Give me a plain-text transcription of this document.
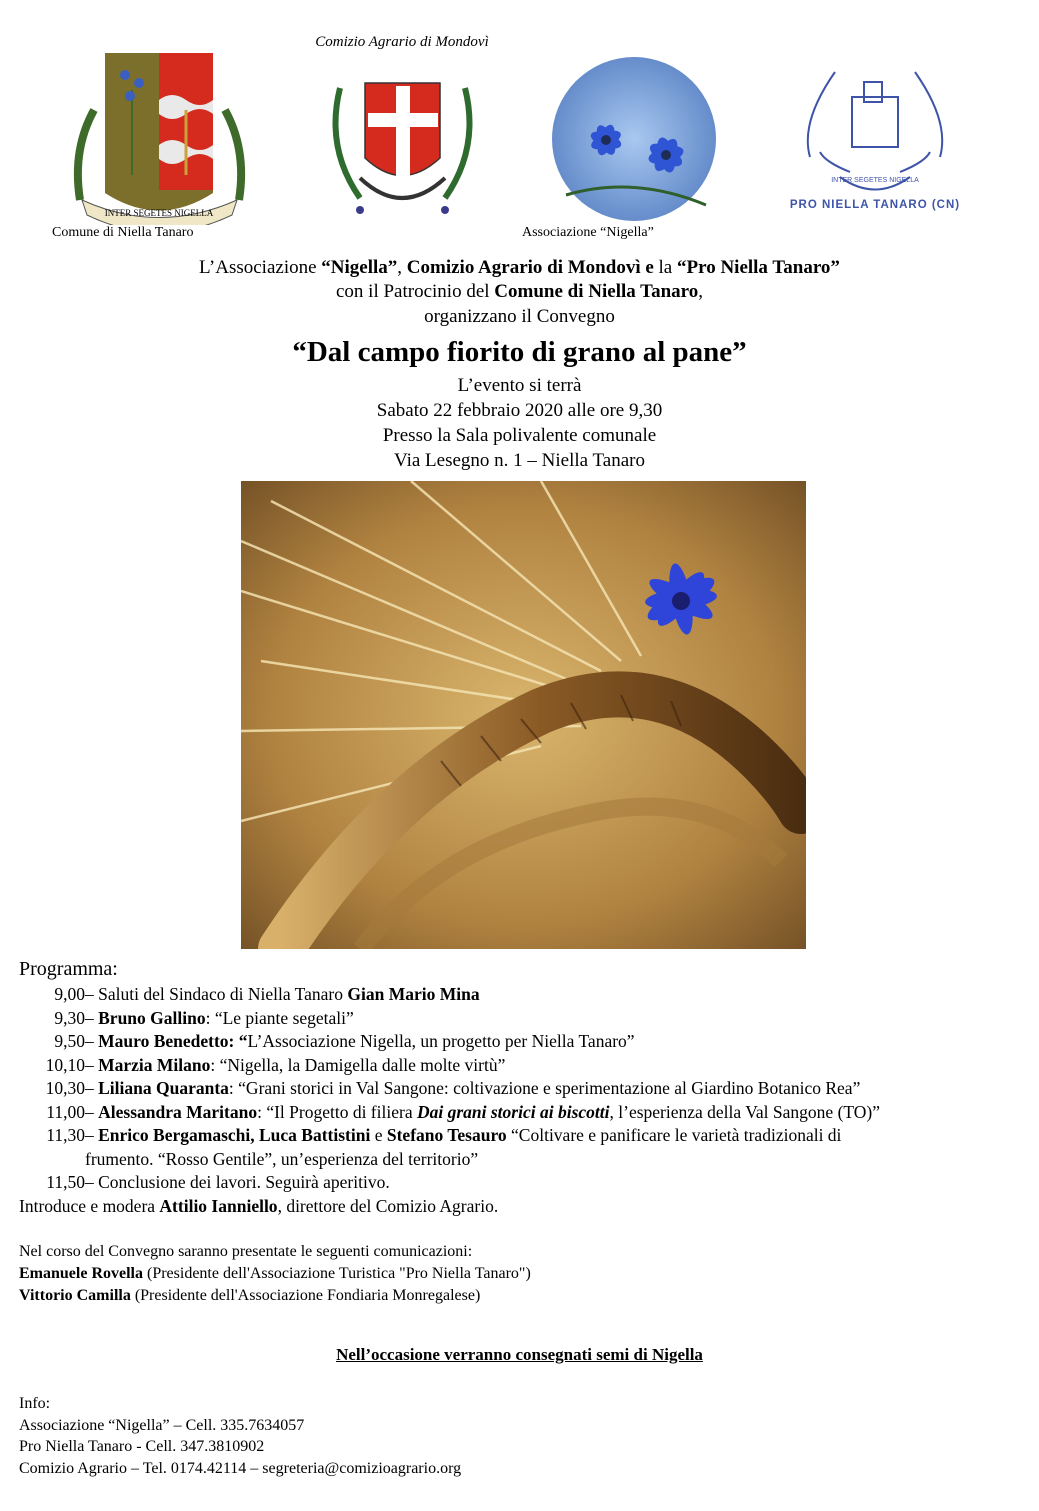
INTER SEGETES NIGELLA
Comizio Agrario di Mondovì
INTER SEGETES NIGELLA
PRO NIELLA TANARO (CN)
Comune di Niella Tanaro	Associazione “Nigella”
L’Associazione “Nigella”, Comizio Agrario di Mondovì e la “Pro Niella Tanaro”
con il Patrocinio del Comune di Niella Tanaro,
organizzano il Convegno
“Dal campo fiorito di grano al pane”
L’evento si terrà
Sabato 22 febbraio 2020 alle ore 9,30
Presso la Sala polivalente comunale
Via Lesegno n. 1 – Niella Tanaro
Programma:
9,00 – Saluti del Sindaco di Niella Tanaro Gian Mario Mina
9,30 – Bruno Gallino: “Le piante segetali”
9,50 – Mauro Benedetto: “L’Associazione Nigella, un progetto per Niella Tanaro”
10,10 – Marzia Milano: “Nigella, la Damigella dalle molte virtù”
10,30 – Liliana Quaranta: “Grani storici in Val Sangone: coltivazione e sperimentazione al Giardino Botanico Rea”
11,00 – Alessandra Maritano: “Il Progetto di filiera Dai grani storici ai biscotti, l’esperienza della Val Sangone (TO)”
11,30 – Enrico Bergamaschi, Luca Battistini e Stefano Tesauro “Coltivare e panificare le varietà tradizionali di
frumento. “Rosso Gentile”, un’esperienza del territorio”
11,50 – Conclusione dei lavori. Seguirà aperitivo.
Introduce e modera Attilio Ianniello, direttore del Comizio Agrario.
Nel corso del Convegno saranno presentate le seguenti comunicazioni:
Emanuele Rovella (Presidente dell'Associazione Turistica "Pro Niella Tanaro")
Vittorio Camilla (Presidente dell'Associazione Fondiaria Monregalese)
Nell’occasione verranno consegnati semi di Nigella
Info:
Associazione “Nigella” – Cell. 335.7634057
Pro Niella Tanaro - Cell. 347.3810902
Comizio Agrario – Tel. 0174.42114 – segreteria@comizioagrario.org
